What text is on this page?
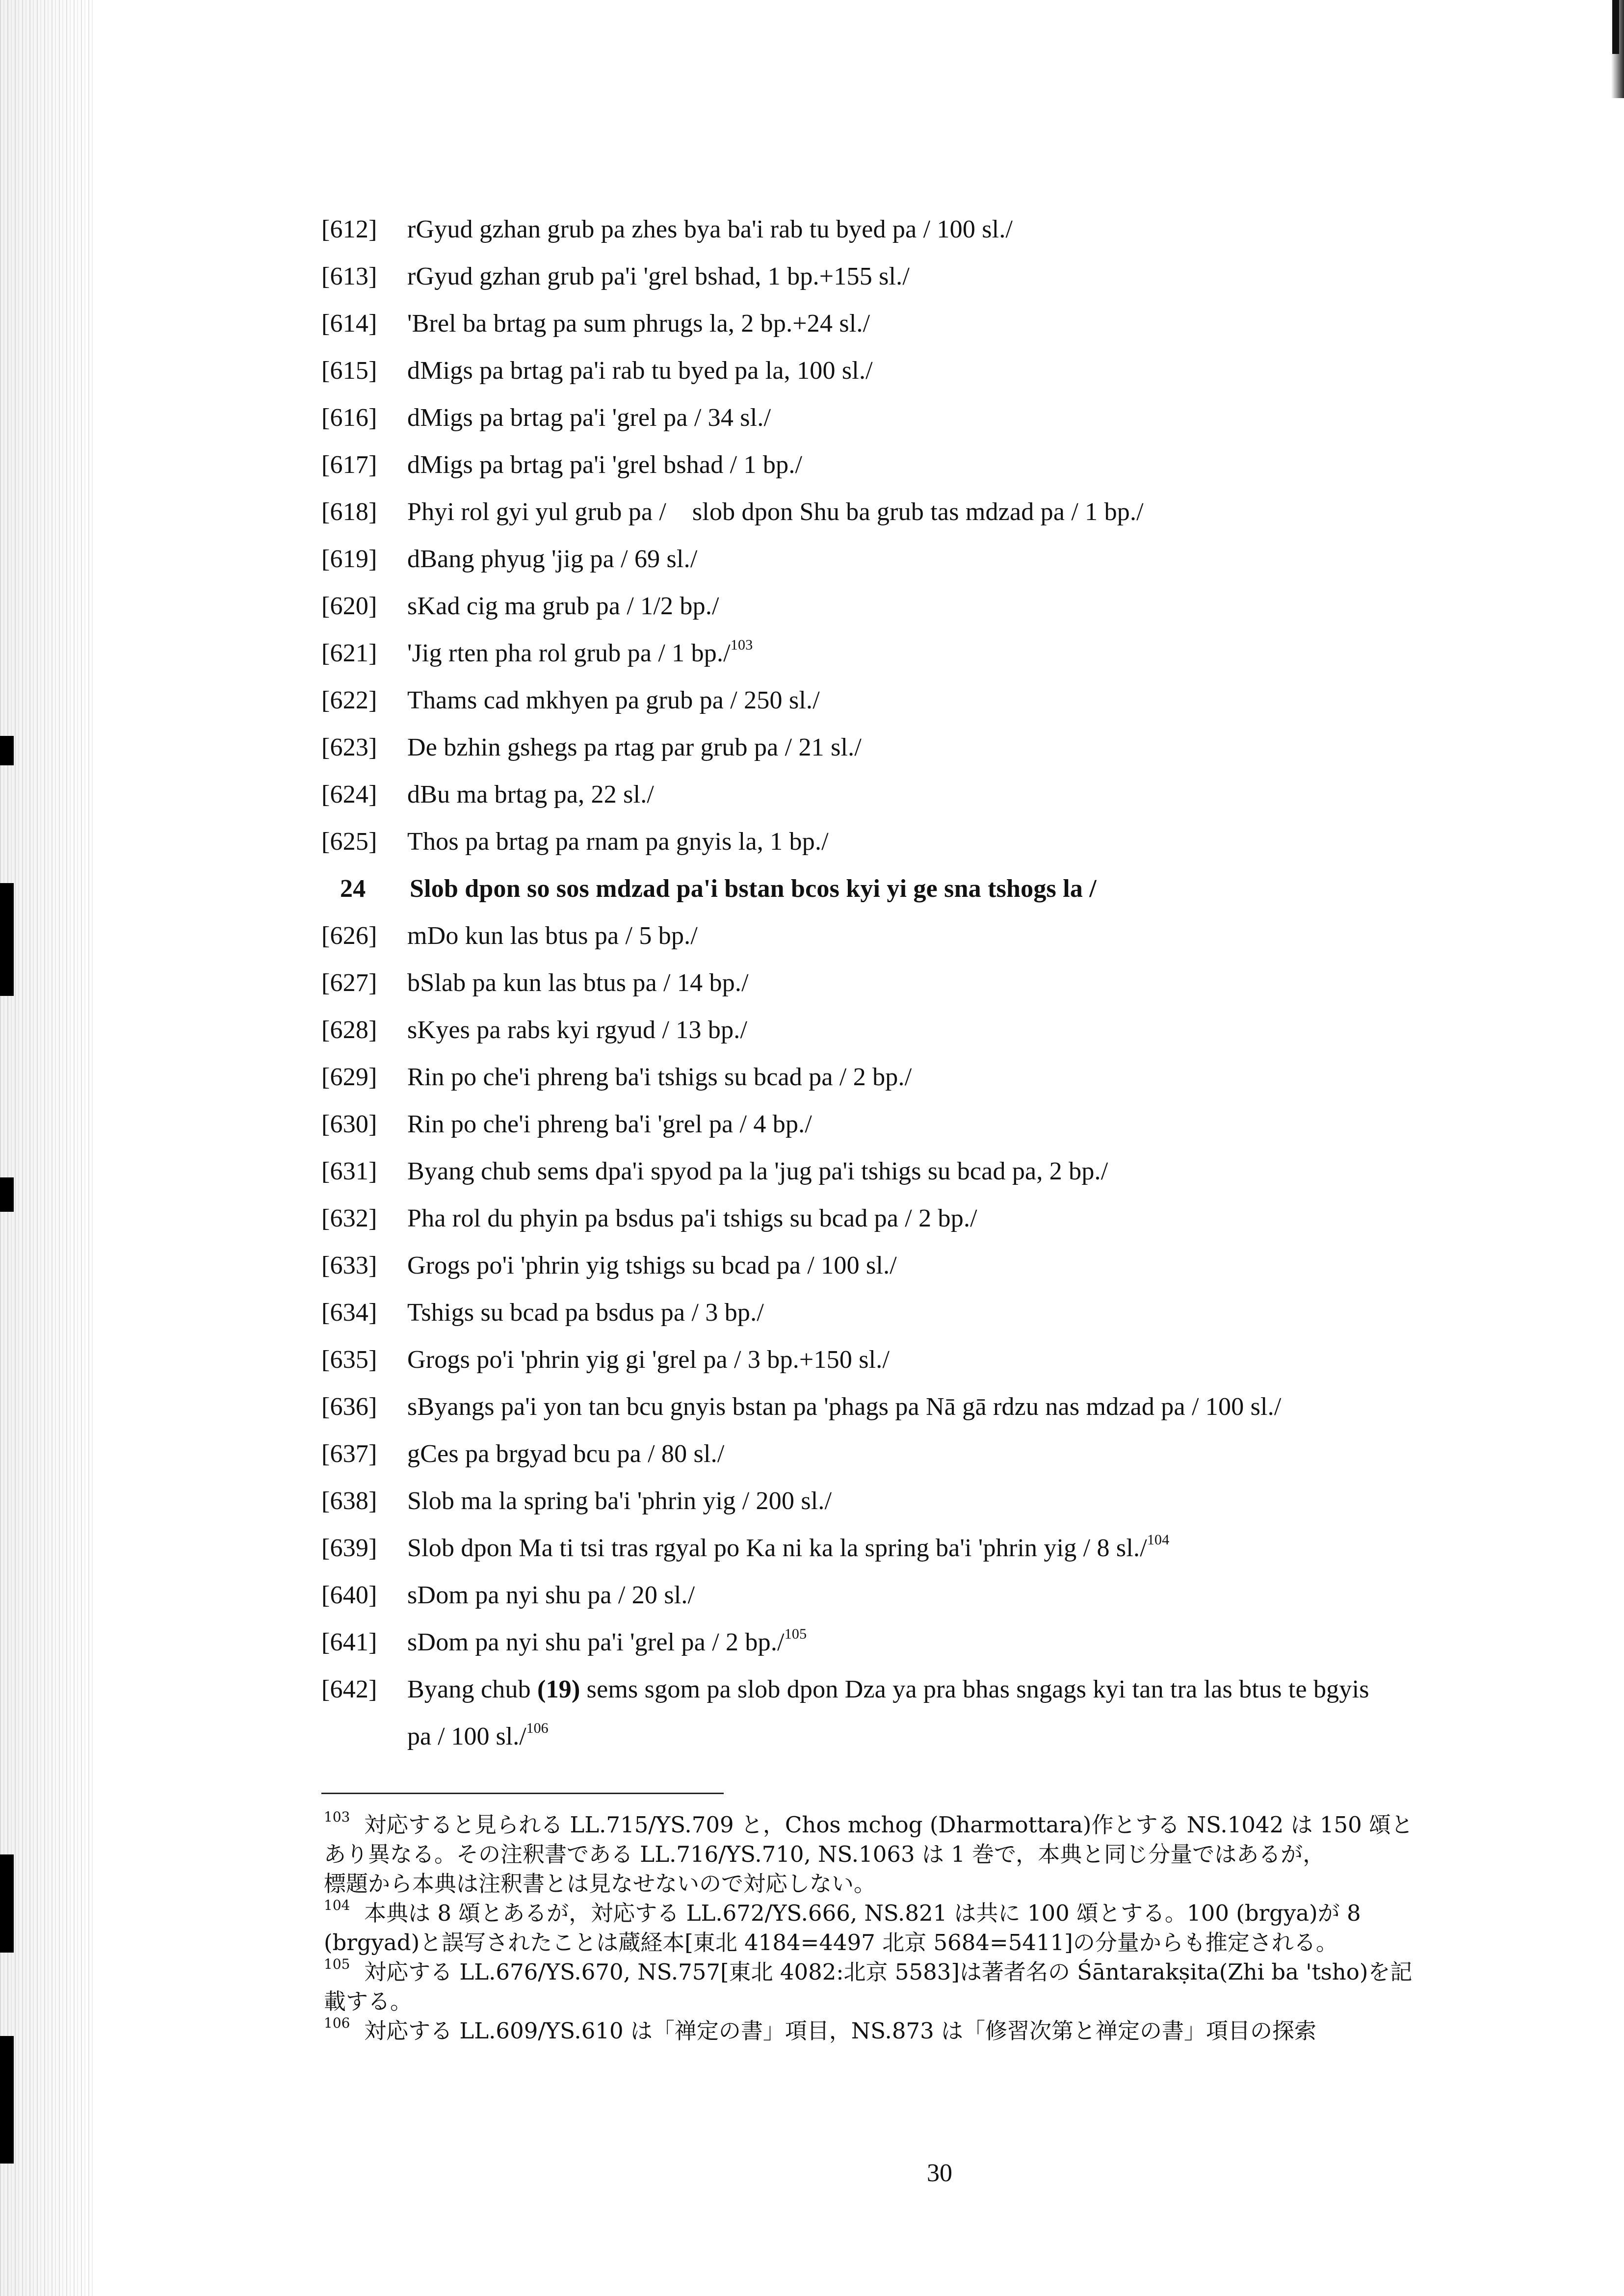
[612] rGyud gzhan grub pa zhes bya ba'i rab tu byed pa / 100 sl./
[613] rGyud gzhan grub pa'i 'grel bshad, 1 bp.+155 sl./
[614] 'Brel ba brtag pa sum phrugs la, 2 bp.+24 sl./
[615] dMigs pa brtag pa'i rab tu byed pa la, 100 sl./
[616] dMigs pa brtag pa'i 'grel pa / 34 sl./
[617] dMigs pa brtag pa'i 'grel bshad / 1 bp./
[618] Phyi rol gyi yul grub pa /    slob dpon Shu ba grub tas mdzad pa / 1 bp./
[619] dBang phyug 'jig pa / 69 sl./
[620] sKad cig ma grub pa / 1/2 bp./
[621] 'Jig rten pha rol grub pa / 1 bp./$^{103}$
[622] Thams cad mkhyen pa grub pa / 250 sl./
[623] De bzhin gshegs pa rtag par grub pa / 21 sl./
[624] dBu ma brtag pa, 22 sl./
[625] Thos pa brtag pa rnam pa gnyis la, 1 bp./
24 Slob dpon so sos mdzad pa'i bstan bcos kyi yi ge sna tshogs la /
[626] mDo kun las btus pa / 5 bp./
[627] bSlab pa kun las btus pa / 14 bp./
[628] sKyes pa rabs kyi rgyud / 13 bp./
[629] Rin po che'i phreng ba'i tshigs su bcad pa / 2 bp./
[630] Rin po che'i phreng ba'i 'grel pa / 4 bp./
[631] Byang chub sems dpa'i spyod pa la 'jug pa'i tshigs su bcad pa, 2 bp./
[632] Pha rol du phyin pa bsdus pa'i tshigs su bcad pa / 2 bp./
[633] Grogs po'i 'phrin yig tshigs su bcad pa / 100 sl./
[634] Tshigs su bcad pa bsdus pa / 3 bp./
[635] Grogs po'i 'phrin yig gi 'grel pa / 3 bp.+150 sl./
[636] sByangs pa'i yon tan bcu gnyis bstan pa 'phags pa Nā gā rdzu nas mdzad pa / 100 sl./
[637] gCes pa brgyad bcu pa / 80 sl./
[638] Slob ma la spring ba'i 'phrin yig / 200 sl./
[639] Slob dpon Ma ti tsi tras rgyal po Ka ni ka la spring ba'i 'phrin yig / 8 sl./$^{104}$
[640] sDom pa nyi shu pa / 20 sl./
[641] sDom pa nyi shu pa'i 'grel pa / 2 bp./$^{105}$
[642] Byang chub (19) sems sgom pa slob dpon Dza ya pra bhas sngags kyi tan tra las btus te bgyis
pa / 100 sl./$^{106}$
$^{103}$ 対応すると見られる LL.715/YS.709 と，Chos mchog (Dharmottara)作とする NS.1042 は 150 頌と
あり異なる。その注釈書である LL.716/YS.710, NS.1063 は 1 巻で，本典と同じ分量ではあるが，
標題から本典は注釈書とは見なせないので対応しない。
$^{104}$ 本典は 8 頌とあるが，対応する LL.672/YS.666, NS.821 は共に 100 頌とする。100 (brgya)が 8
(brgyad)と誤写されたことは蔵経本[東北 4184=4497 北京 5684=5411]の分量からも推定される。
$^{105}$ 対応する LL.676/YS.670, NS.757[東北 4082:北京 5583]は著者名の Śāntarakṣita(Zhi ba 'tsho)を記
載する。
$^{106}$ 対応する LL.609/YS.610 は「禅定の書」項目，NS.873 は「修習次第と禅定の書」項目の探索
30
